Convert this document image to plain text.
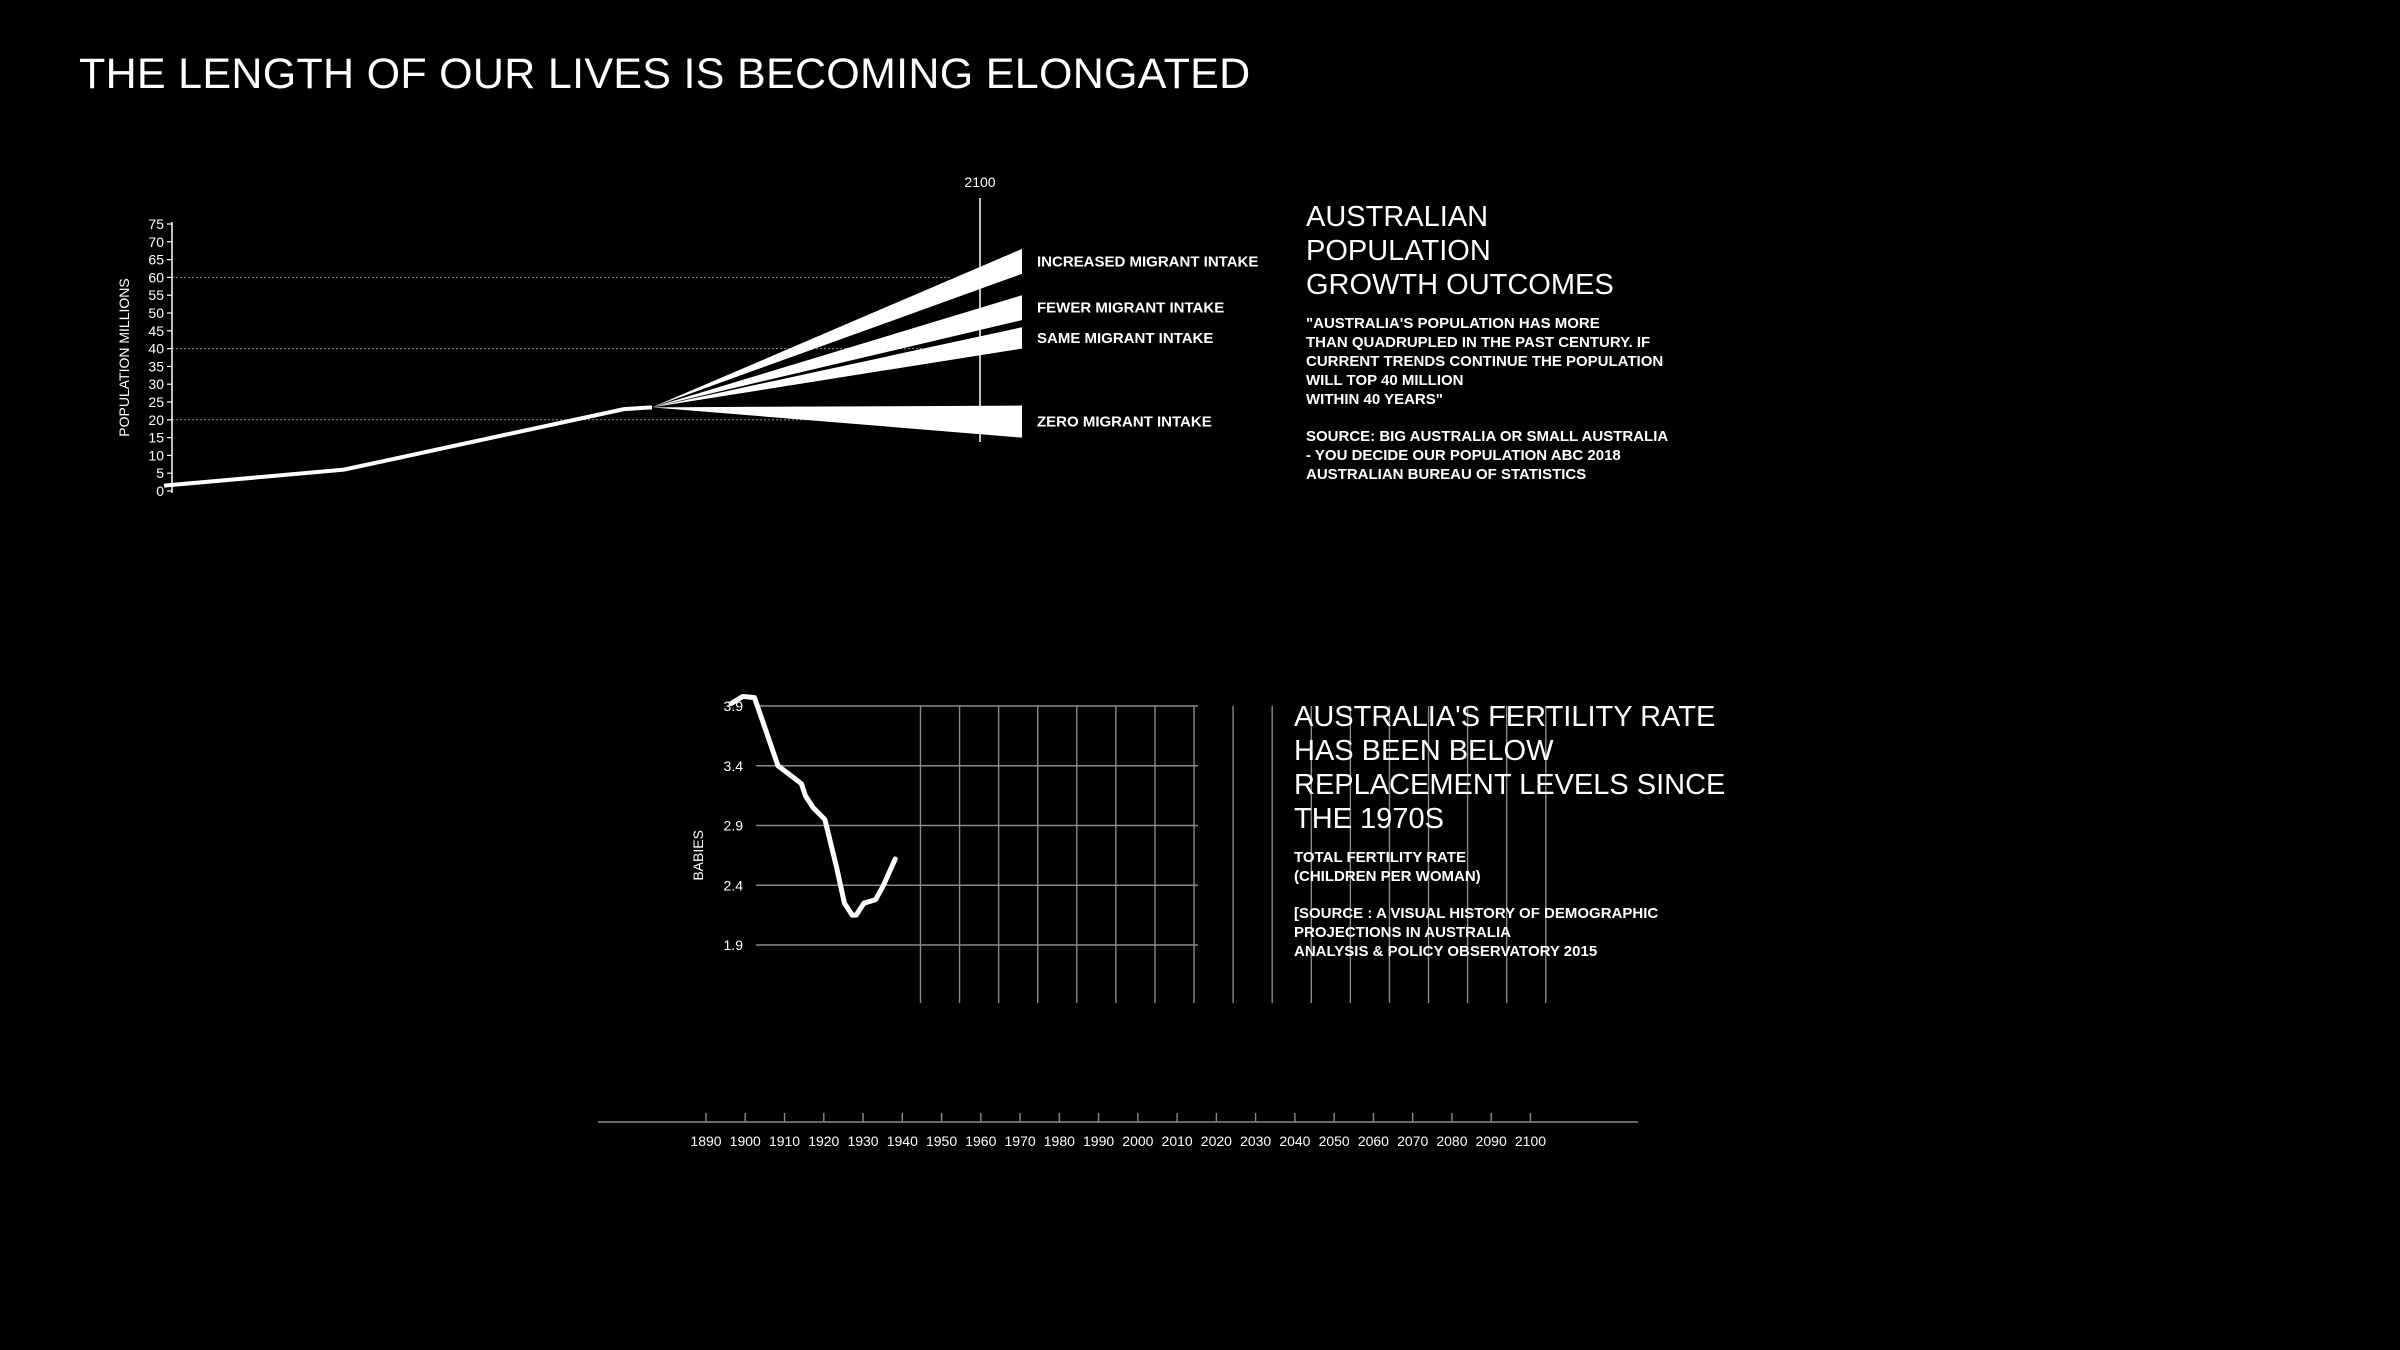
THE LENGTH OF OUR LIVES IS BECOMING ELONGATED
0
5
10
15
20
25
30
35
40
45
50
55
60
65
70
75
POPULATION MILLIONS
2100
INCREASED MIGRANT INTAKE
FEWER MIGRANT INTAKE
SAME MIGRANT INTAKE
ZERO MIGRANT INTAKE
3.9
3.4
2.9
2.4
1.9
BABIES
1890 1900 1910 1920 1930 1940 1950 1960 1970 1980 1990 2000 2010 2020 2030 2040 2050 2060 2070 2080 2090 2100

AUSTRALIAN
POPULATION
GROWTH OUTCOMES

"AUSTRALIA'S POPULATION HAS MORE
THAN QUADRUPLED IN THE PAST CENTURY. IF
CURRENT TRENDS CONTINUE THE POPULATION
WILL TOP 40 MILLION
WITHIN 40 YEARS"

SOURCE: BIG AUSTRALIA OR SMALL AUSTRALIA
- YOU DECIDE OUR POPULATION ABC 2018
AUSTRALIAN BUREAU OF STATISTICS

AUSTRALIA'S FERTILITY RATE
HAS BEEN BELOW
REPLACEMENT LEVELS SINCE
THE 1970S

TOTAL FERTILITY RATE
(CHILDREN PER WOMAN)

[SOURCE : A VISUAL HISTORY OF DEMOGRAPHIC
PROJECTIONS IN AUSTRALIA
ANALYSIS & POLICY OBSERVATORY 2015
